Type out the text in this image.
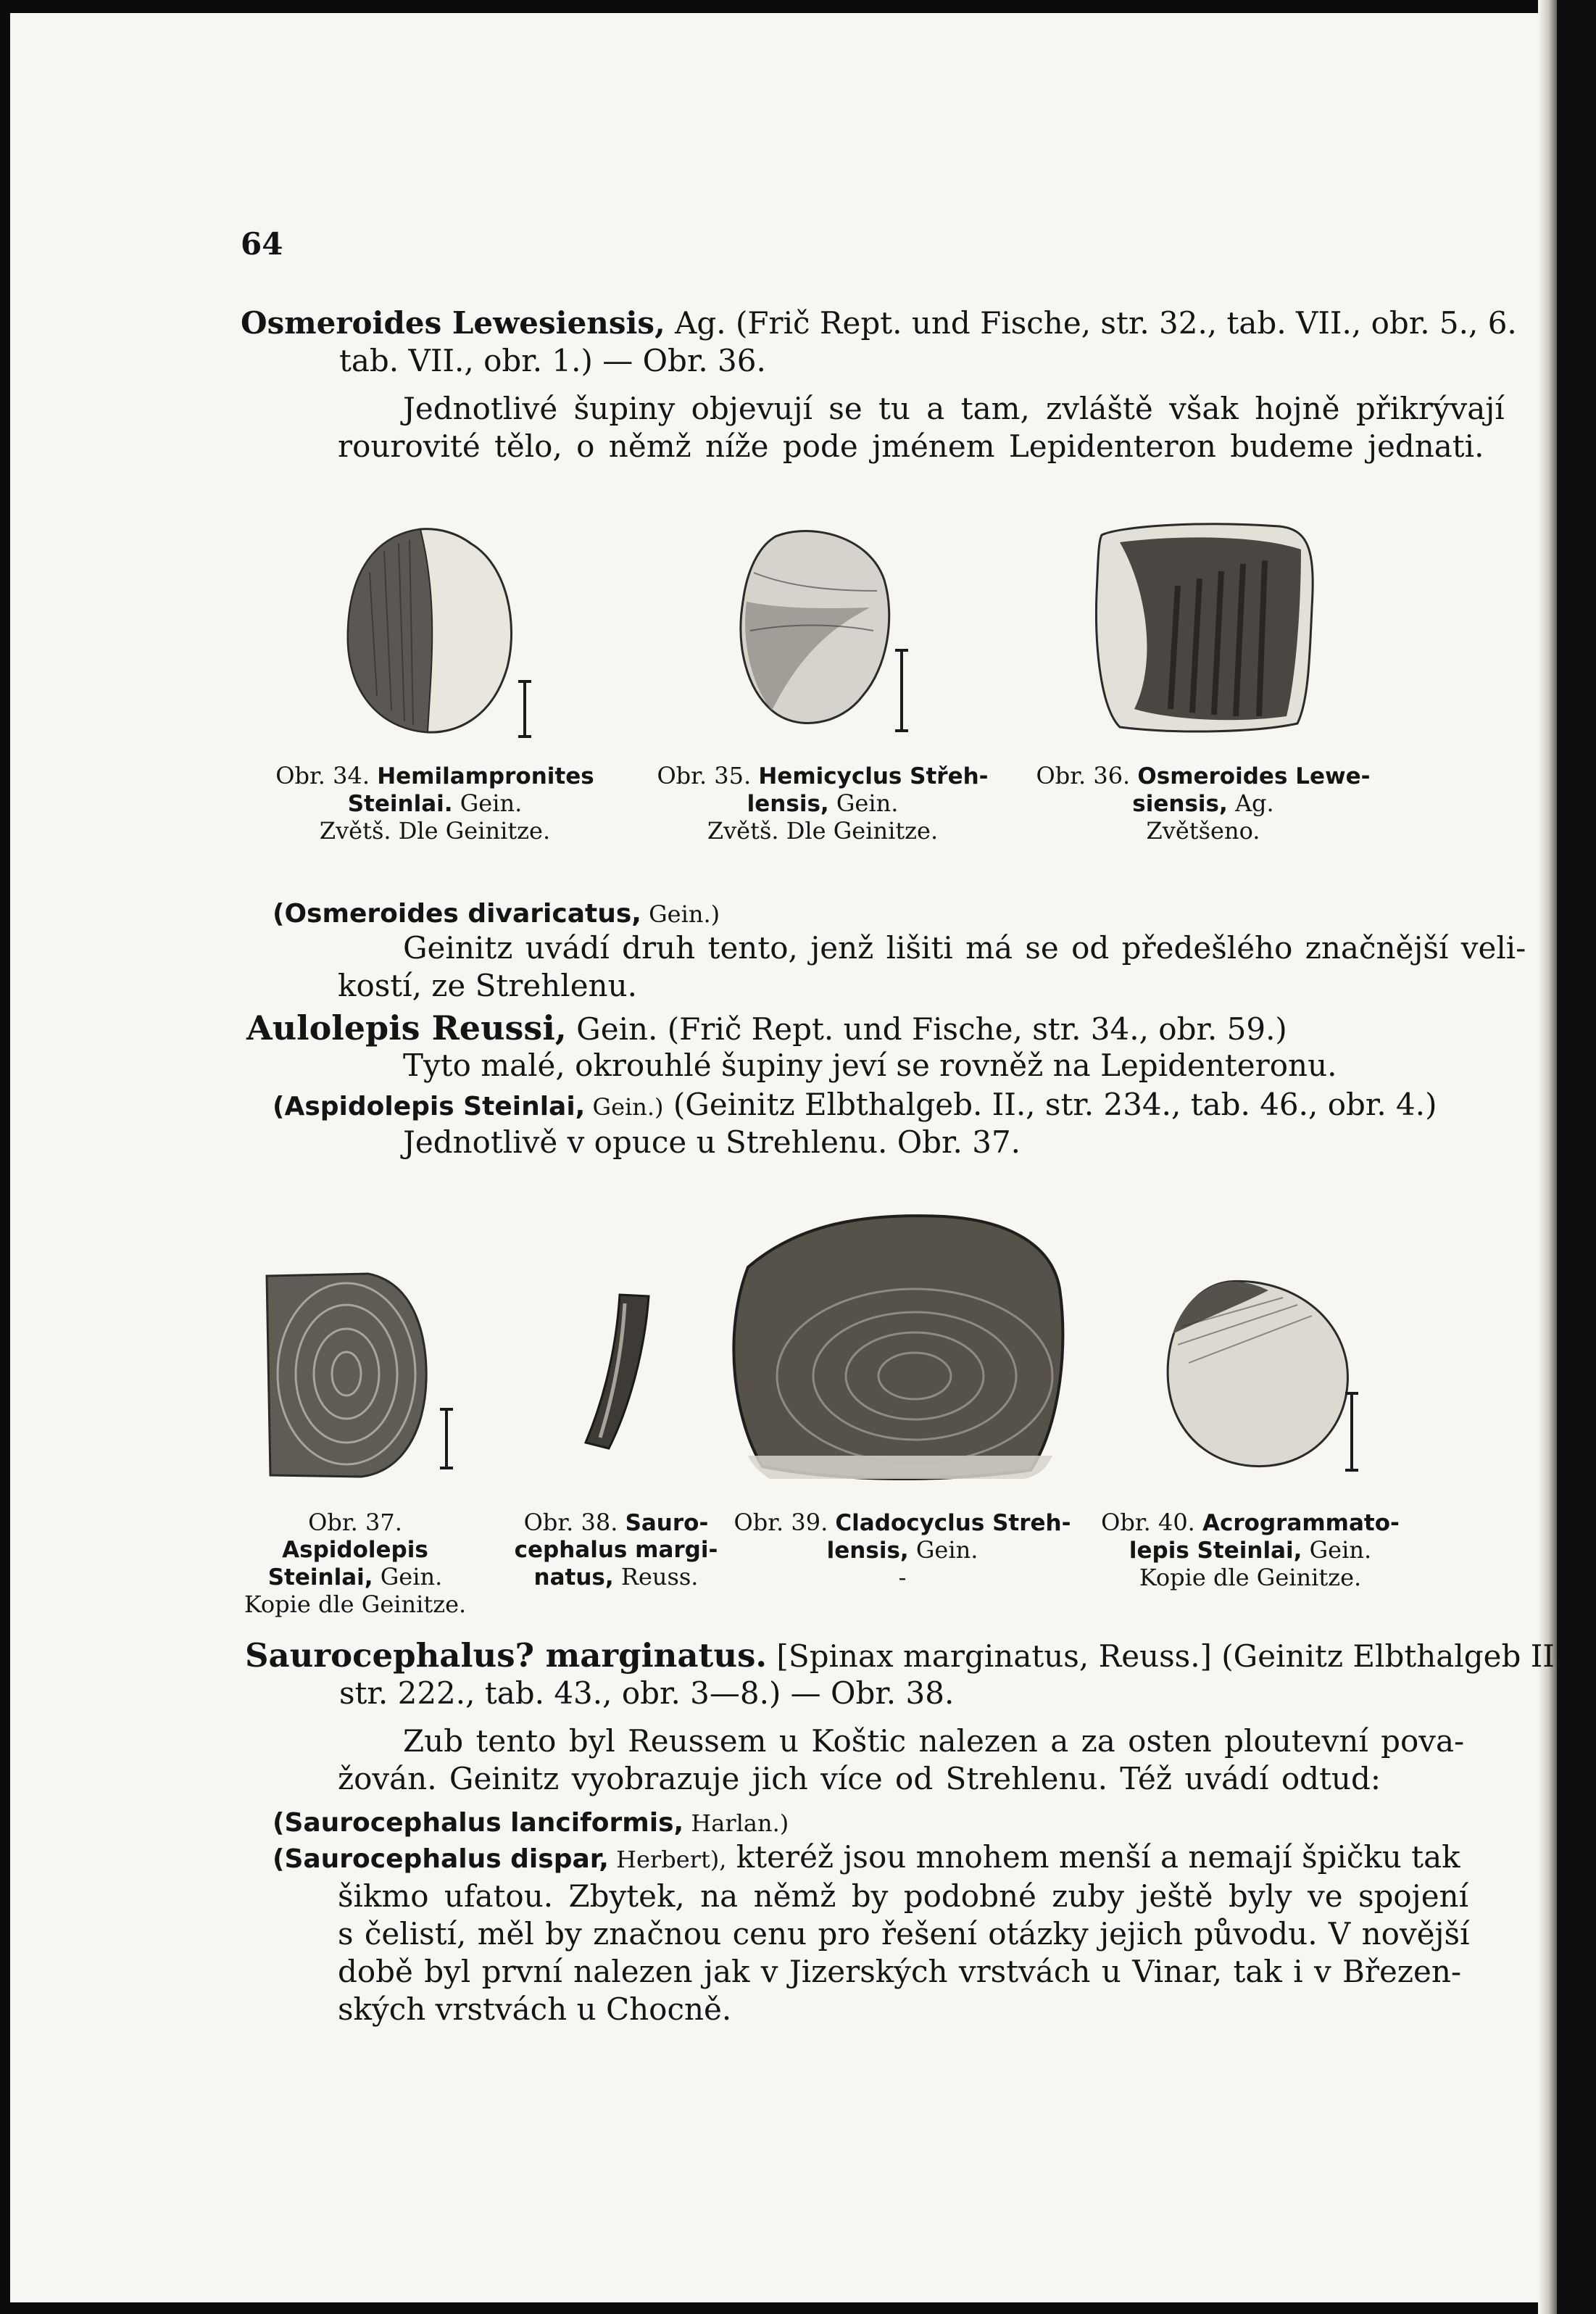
64
Osmeroides Lewesiensis, Ag. (Frič Rept. und Fische, str. 32., tab. VII., obr. 5., 6.
tab. VII., obr. 1.) — Obr. 36.
Jednotlivé šupiny objevují se tu a tam, zvláště však hojně přikrývají
rourovité tělo, o němž níže pode jménem Lepidenteron budeme jednati.
Obr. 34. Hemilampronites
Steinlai. Gein.
Zvětš. Dle Geinitze.
Obr. 35. Hemicyclus Střeh-
lensis, Gein.
Zvětš. Dle Geinitze.
Obr. 36. Osmeroides Lewe-
siensis, Ag.
Zvětšeno.
(Osmeroides divaricatus, Gein.)
Geinitz uvádí druh tento, jenž lišiti má se od předešlého značnější veli-
kostí, ze Strehlenu.
Aulolepis Reussi, Gein. (Frič Rept. und Fische, str. 34., obr. 59.)
Tyto malé, okrouhlé šupiny jeví se rovněž na Lepidenteronu.
(Aspidolepis Steinlai, Gein.) (Geinitz Elbthalgeb. II., str. 234., tab. 46., obr. 4.)
Jednotlivě v opuce u Strehlenu. Obr. 37.
Obr. 37. Aspidolepis
Steinlai, Gein.
Kopie dle Geinitze.
Obr. 38. Sauro-
cephalus margi-
natus, Reuss.
Obr. 39. Cladocyclus Streh-
lensis, Gein.
-
Obr. 40. Acrogrammato-
lepis Steinlai, Gein.
Kopie dle Geinitze.
Saurocephalus? marginatus. [Spinax marginatus, Reuss.] (Geinitz Elbthalgeb II.
str. 222., tab. 43., obr. 3—8.) — Obr. 38.
Zub tento byl Reussem u Koštic nalezen a za osten ploutevní pova-
žován. Geinitz vyobrazuje jich více od Strehlenu. Též uvádí odtud:
(Saurocephalus lanciformis, Harlan.)
(Saurocephalus dispar, Herbert), kteréž jsou mnohem menší a nemají špičku tak
šikmo ufatou. Zbytek, na němž by podobné zuby ještě byly ve spojení
s čelistí, měl by značnou cenu pro řešení otázky jejich původu. V novější
době byl první nalezen jak v Jizerských vrstvách u Vinar, tak i v Březen-
ských vrstvách u Chocně.
